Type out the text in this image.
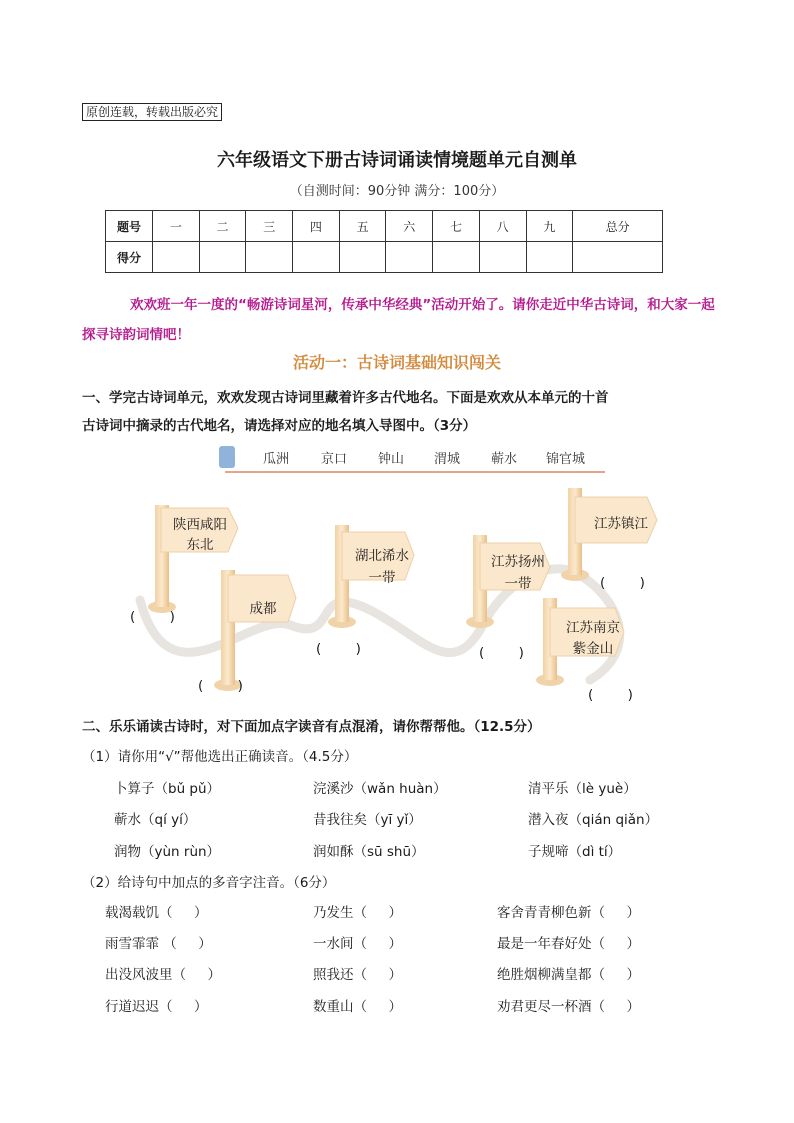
原创连载，转载出版必究
六年级语文下册古诗词诵读情境题单元自测单
（自测时间：90分钟 满分：100分）
题号	一	二	三	四	五	六	七	八	九	总分
得分										
欢欢班一年一度的“畅游诗词星河，传承中华经典”活动开始了。请你走近中华古诗词，和大家一起探寻诗韵词情吧！
活动一：古诗词基础知识闯关
一、学完古诗词单元，欢欢发现古诗词里藏着许多古代地名。下面是欢欢从本单元的十首
古诗词中摘录的古代地名，请选择对应的地名填入导图中。（3分）
瓜洲 京口 钟山 渭城 蕲水 锦官城
陕西咸阳
东北
成都
湖北浠水
一带
江苏扬州
一带
江苏镇江
江苏南京
紫金山
(        )
(        )
(        )	(        )
(        )
(        )
二、乐乐诵读古诗时，对下面加点字读音有点混淆，请你帮帮他。（12.5分）
（1）请你用“√”帮他选出正确读音。（4.5分）
卜算子（bǔ pǔ）	浣溪沙（wǎn huàn）	清平乐（lè yuè）
蕲水（qí yí）	昔我往矣（yī yǐ）	潜入夜（qián qiǎn）
润物（yùn rùn）	润如酥（sū shū）	子规啼（dì tí）
（2）给诗句中加点的多音字注音。（6分）
载渴载饥（     ）	乃发生（     ）	客舍青青柳色新（     ）
雨雪霏霏 （     ）	一水间（     ）	最是一年春好处（     ）
出没风波里（     ）	照我还（     ）	绝胜烟柳满皇都（     ）
行道迟迟（     ）	数重山（     ）	劝君更尽一杯酒（     ）
